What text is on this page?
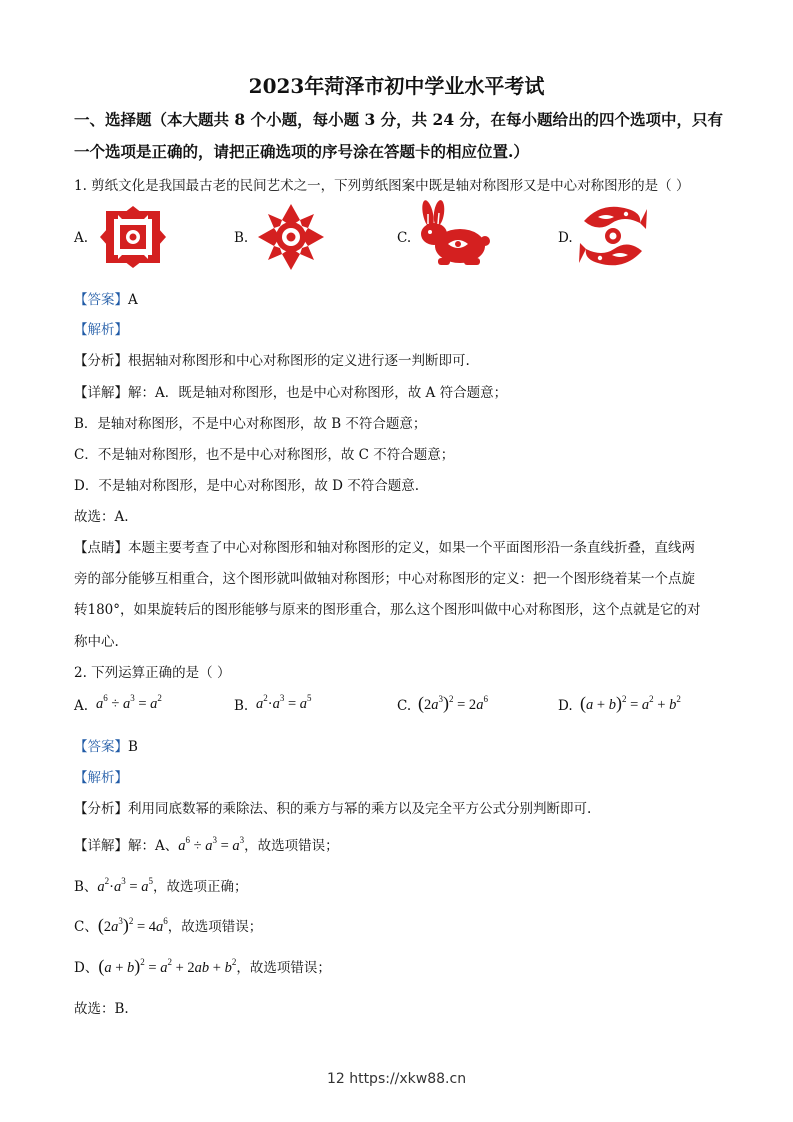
2023年菏泽市初中学业水平考试
一、选择题（本大题共 8 个小题，每小题 3 分，共 24 分，在每小题给出的四个选项中，只有
一个选项是正确的，请把正确选项的序号涂在答题卡的相应位置.）
1. 剪纸文化是我国最古老的民间艺术之一，下列剪纸图案中既是轴对称图形又是中心对称图形的是（ ）
A.	B.	C.	D.
【答案】A
【解析】
【分析】根据轴对称图形和中心对称图形的定义进行逐一判断即可.
【详解】解：A．既是轴对称图形，也是中心对称图形，故 A 符合题意；
B．是轴对称图形，不是中心对称图形，故 B 不符合题意；
C．不是轴对称图形，也不是中心对称图形，故 C 不符合题意；
D．不是轴对称图形，是中心对称图形，故 D 不符合题意.
故选：A.
【点睛】本题主要考查了中心对称图形和轴对称图形的定义，如果一个平面图形沿一条直线折叠，直线两
旁的部分能够互相重合，这个图形就叫做轴对称图形；中心对称图形的定义：把一个图形绕着某一个点旋
转180°，如果旋转后的图形能够与原来的图形重合，那么这个图形叫做中心对称图形，这个点就是它的对
称中心.
2. 下列运算正确的是（ ）
A. $a^6 \div a^3 = a^2$	B. $a^2\cdot a^3 = a^5$	C. $(2a^3)^2 = 2a^6$	D. $(a + b)^2 = a^2 + b^2$
【答案】B
【解析】
【分析】利用同底数幂的乘除法、积的乘方与幂的乘方以及完全平方公式分别判断即可.
【详解】解：A、$a^6 \div a^3 = a^3$，故选项错误；
B、$a^2\cdot a^3 = a^5$，故选项正确；
C、$(2a^3)^2 = 4a^6$，故选项错误；
D、$(a + b)^2 = a^2 + 2ab + b^2$，故选项错误；
故选：B.
12 https://xkw88.cn
